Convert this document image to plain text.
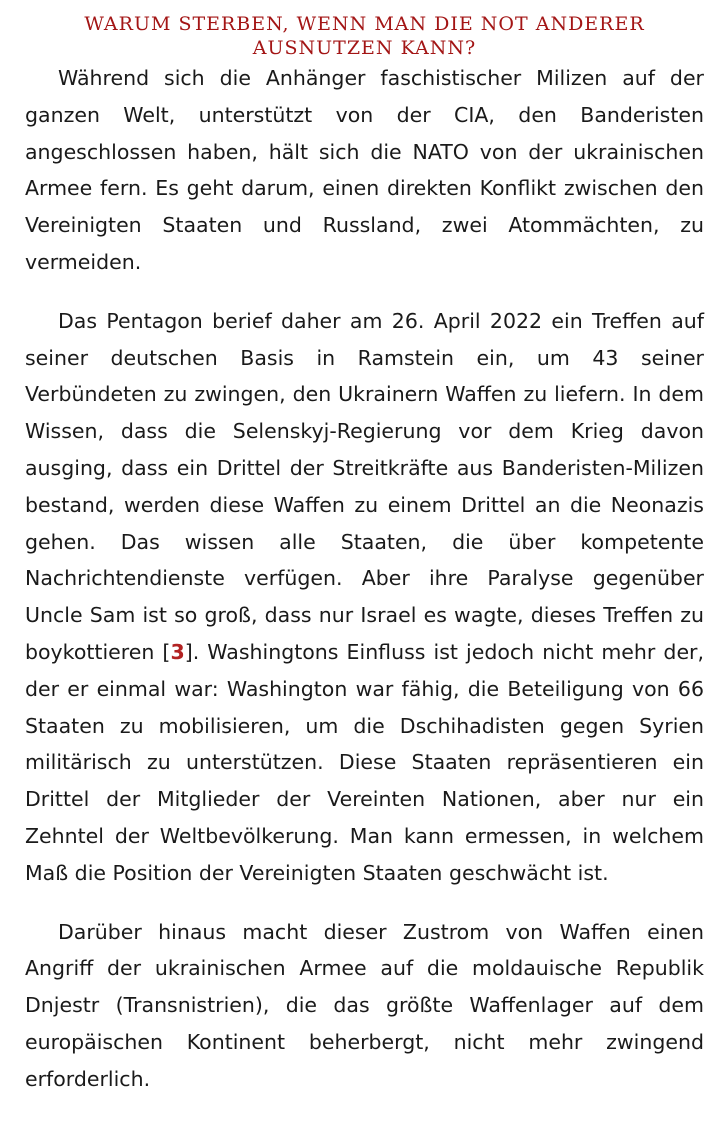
WARUM STERBEN, WENN MAN DIE NOT ANDERER
AUSNUTZEN KANN?

Während sich die Anhänger faschistischer Milizen auf der ganzen Welt, unterstützt von der CIA, den Banderisten angeschlossen haben, hält sich die NATO von der ukrainischen Armee fern. Es geht darum, einen direkten Konflikt zwischen den Vereinigten Staaten und Russland, zwei Atommächten, zu vermeiden.

Das Pentagon berief daher am 26. April 2022 ein Treffen auf seiner deutschen Basis in Ramstein ein, um 43 seiner Verbündeten zu zwingen, den Ukrainern Waffen zu liefern. In dem Wissen, dass die Selenskyj-Regierung vor dem Krieg davon ausging, dass ein Drittel der Streitkräfte aus Banderisten-Milizen bestand, werden diese Waffen zu einem Drittel an die Neonazis gehen. Das wissen alle Staaten, die über kompetente Nachrichtendienste verfügen. Aber ihre Paralyse gegenüber Uncle Sam ist so groß, dass nur Israel es wagte, dieses Treffen zu boykottieren [3]. Washingtons Einfluss ist jedoch nicht mehr der, der er einmal war: Washington war fähig, die Beteiligung von 66 Staaten zu mobilisieren, um die Dschihadisten gegen Syrien militärisch zu unterstützen. Diese Staaten repräsentieren ein Drittel der Mitglieder der Vereinten Nationen, aber nur ein Zehntel der Weltbevölkerung. Man kann ermessen, in welchem Maß die Position der Vereinigten Staaten geschwächt ist.

Darüber hinaus macht dieser Zustrom von Waffen einen Angriff der ukrainischen Armee auf die moldauische Republik Dnjestr (Transnistrien), die das größte Waffenlager auf dem europäischen Kontinent beherbergt, nicht mehr zwingend erforderlich.
